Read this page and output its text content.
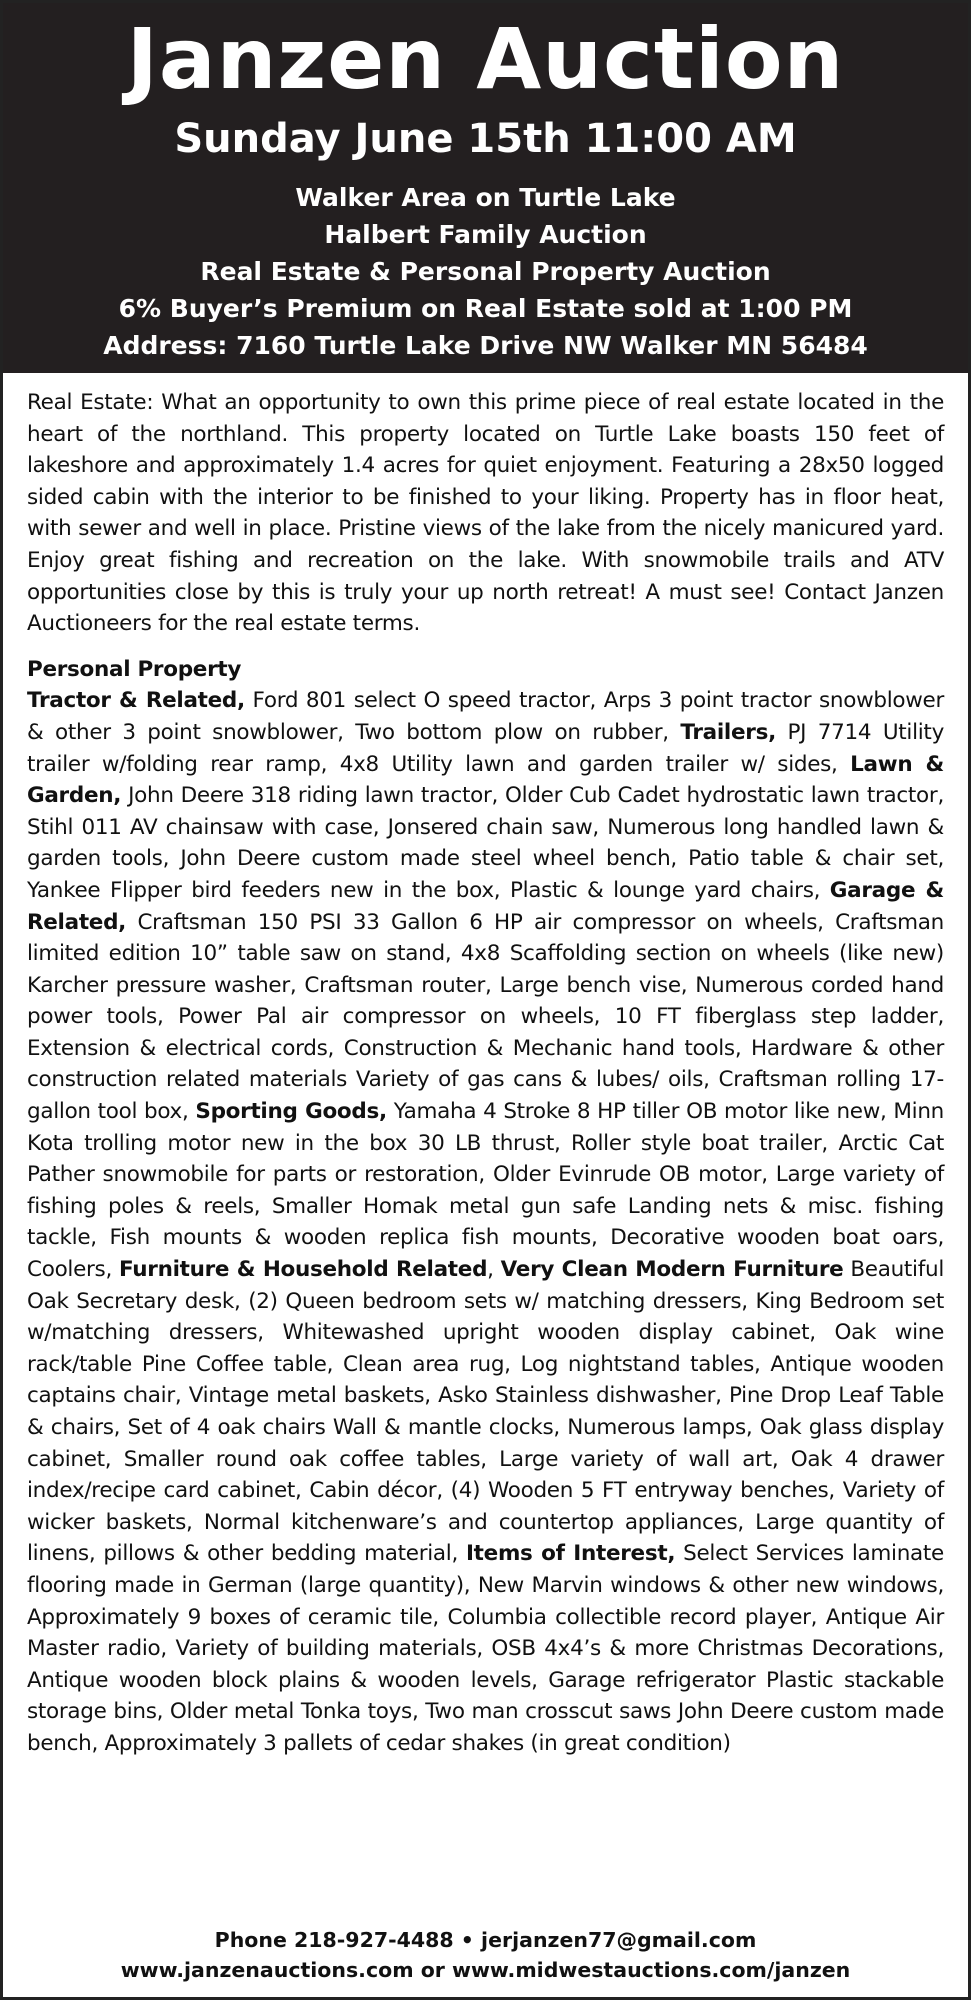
Janzen Auction
Sunday June 15th 11:00 AM
Walker Area on Turtle Lake
Halbert Family Auction
Real Estate & Personal Property Auction
6% Buyer’s Premium on Real Estate sold at 1:00 PM
Address: 7160 Turtle Lake Drive NW Walker MN 56484

Real Estate: What an opportunity to own this prime piece of real estate located in the heart of the northland. This property located on Turtle Lake boasts 150 feet of lakeshore and approximately 1.4 acres for quiet enjoyment. Featuring a 28x50 logged sided cabin with the interior to be finished to your liking. Property has in floor heat, with sewer and well in place. Pristine views of the lake from the nicely manicured yard. Enjoy great fishing and recreation on the lake. With snowmobile trails and ATV opportunities close by this is truly your up north retreat! A must see! Contact Janzen Auctioneers for the real estate terms.

Personal Property

Tractor & Related, Ford 801 select O speed tractor, Arps 3 point tractor snowblower & other 3 point snowblower, Two bottom plow on rubber, Trailers, PJ 7714 Utility trailer w/folding rear ramp, 4x8 Utility lawn and garden trailer w/ sides, Lawn & Garden, John Deere 318 riding lawn tractor, Older Cub Cadet hydrostatic lawn tractor, Stihl 011 AV chainsaw with case, Jonsered chain saw, Numerous long handled lawn & garden tools, John Deere custom made steel wheel bench, Patio table & chair set, Yankee Flipper bird feeders new in the box, Plastic & lounge yard chairs, Garage & Related, Craftsman 150 PSI 33 Gallon 6 HP air compressor on wheels, Craftsman limited edition 10” table saw on stand, 4x8 Scaffolding section on wheels (like new) Karcher pressure washer, Craftsman router, Large bench vise, Numerous corded hand power tools, Power Pal air compressor on wheels, 10 FT fiberglass step ladder, Extension & electrical cords, Construction & Mechanic hand tools, Hardware & other construction related materials Variety of gas cans & lubes/ oils, Craftsman rolling 17-gallon tool box, Sporting Goods, Yamaha 4 Stroke 8 HP tiller OB motor like new, Minn Kota trolling motor new in the box 30 LB thrust, Roller style boat trailer, Arctic Cat Pather snowmobile for parts or restoration, Older Evinrude OB motor, Large variety of fishing poles & reels, Smaller Homak metal gun safe Landing nets & misc. fishing tackle, Fish mounts & wooden replica fish mounts, Decorative wooden boat oars, Coolers, Furniture & Household Related, Very Clean Modern Furniture Beautiful Oak Secretary desk, (2) Queen bedroom sets w/ matching dressers, King Bedroom set w/matching dressers, Whitewashed upright wooden display cabinet, Oak wine rack/table Pine Coffee table, Clean area rug, Log nightstand tables, Antique wooden captains chair, Vintage metal baskets, Asko Stainless dishwasher, Pine Drop Leaf Table & chairs, Set of 4 oak chairs Wall & mantle clocks, Numerous lamps, Oak glass display cabinet, Smaller round oak coffee tables, Large variety of wall art, Oak 4 drawer index/recipe card cabinet, Cabin décor, (4) Wooden 5 FT entryway benches, Variety of wicker baskets, Normal kitchenware’s and countertop appliances, Large quantity of linens, pillows & other bedding material, Items of Interest, Select Services laminate flooring made in German (large quantity), New Marvin windows & other new windows, Approximately 9 boxes of ceramic tile, Columbia collectible record player, Antique Air Master radio, Variety of building materials, OSB 4x4’s & more Christmas Decorations, Antique wooden block plains & wooden levels, Garage refrigerator Plastic stackable storage bins, Older metal Tonka toys, Two man crosscut saws John Deere custom made bench, Approximately 3 pallets of cedar shakes (in great condition)

Phone 218-927-4488 • jerjanzen77@gmail.com
www.janzenauctions.com or www.midwestauctions.com/janzen
